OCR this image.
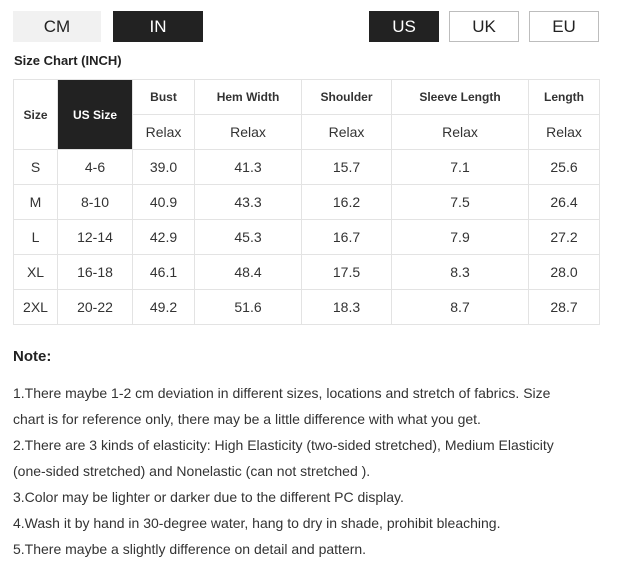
CM	IN	US	UK	EU
Size Chart (INCH)
Size	US Size	Bust	Hem Width	Shoulder	Sleeve Length	Length
		Relax	Relax	Relax	Relax	Relax
S	4-6	39.0	41.3	15.7	7.1	25.6
M	8-10	40.9	43.3	16.2	7.5	26.4
L	12-14	42.9	45.3	16.7	7.9	27.2
XL	16-18	46.1	48.4	17.5	8.3	28.0
2XL	20-22	49.2	51.6	18.3	8.7	28.7
Note:
1.There maybe 1-2 cm deviation in different sizes, locations and stretch of fabrics. Size
chart is for reference only, there may be a little difference with what you get.
2.There are 3 kinds of elasticity: High Elasticity (two-sided stretched), Medium Elasticity
(one-sided stretched) and Nonelastic (can not stretched ).
3.Color may be lighter or darker due to the different PC display.
4.Wash it by hand in 30-degree water, hang to dry in shade, prohibit bleaching.
5.There maybe a slightly difference on detail and pattern.
